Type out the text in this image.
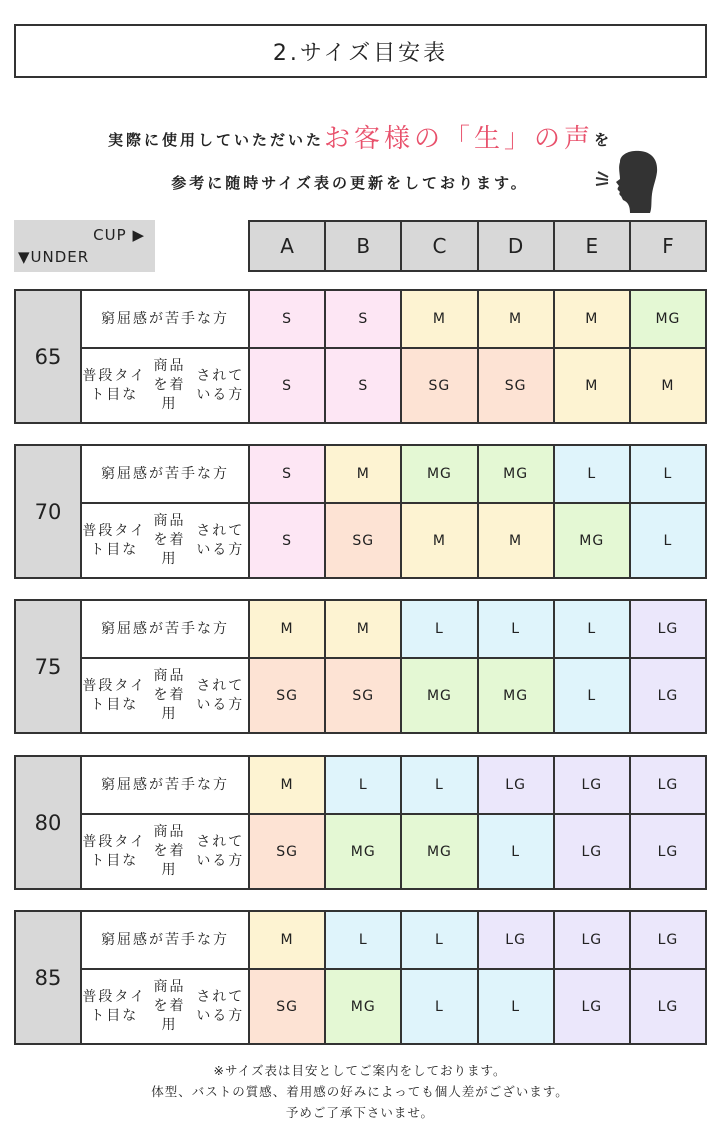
2.サイズ目安表
実際に使用していただいたお客様の「生」の声を
参考に随時サイズ表の更新をしております。
CUP ▶
▼UNDER	A	B	C	D	E	F
65
窮屈感が 苦手な方	S	S	M	M	M	MG
普段タイト目な
商品を着用
されている方
S	S	SG	SG	M	M
70
窮屈感が 苦手な方	S	M	MG	MG	L	L
普段タイト目な
商品を着用
されている方
S	SG	M	M	MG	L
75
窮屈感が 苦手な方	M	M	L	L	L	LG
普段タイト目な
商品を着用
されている方
SG	SG	MG	MG	L	LG
80
窮屈感が 苦手な方	M	L	L	LG	LG	LG
普段タイト目な
商品を着用
されている方
SG	MG	MG	L	LG	LG
85
窮屈感が 苦手な方	M	L	L	LG	LG	LG
普段タイト目な
商品を着用
されている方
SG	MG	L	L	LG	LG
※サイズ表は目安としてご案内をしております。
体型、バストの質感、着用感の好みによっても個人差がございます。
予めご了承下さいませ。
